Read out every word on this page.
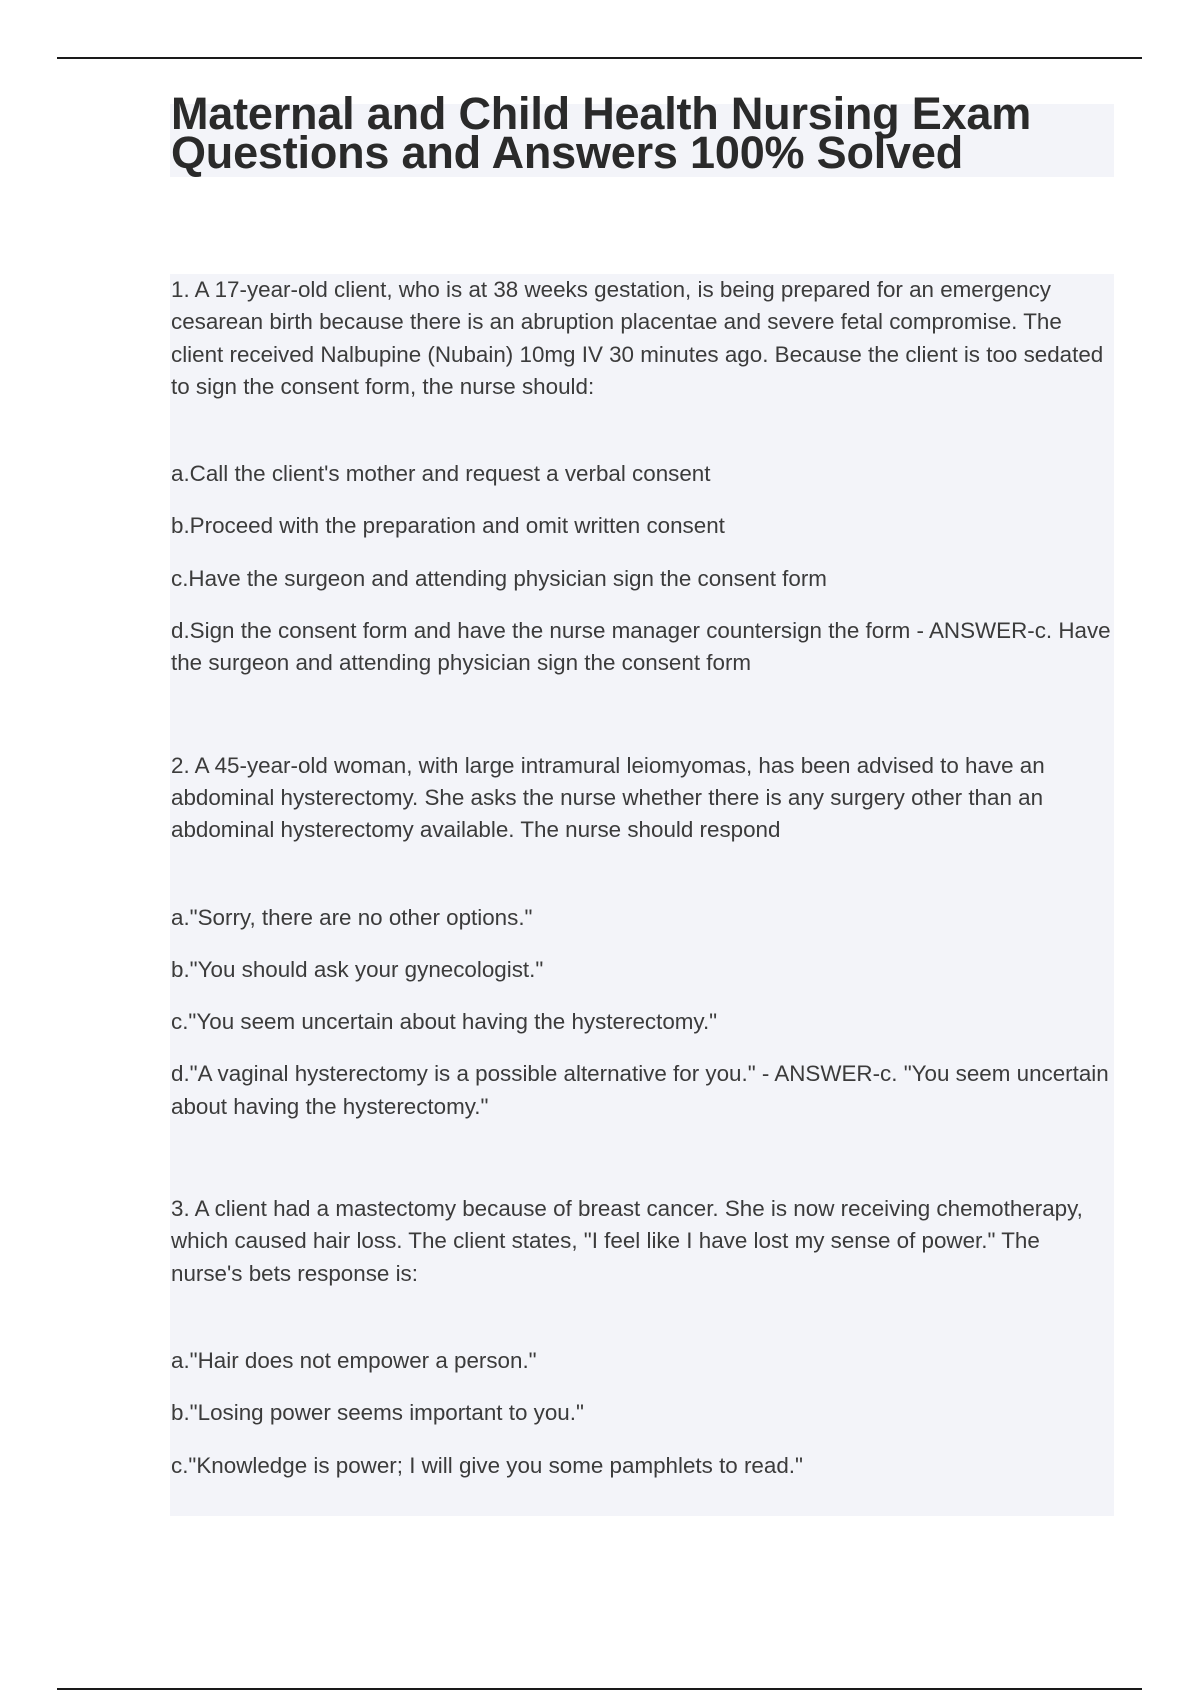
Maternal and Child Health Nursing Exam Questions and Answers 100% Solved

1. A 17-year-old client, who is at 38 weeks gestation, is being prepared for an emergency cesarean birth because there is an abruption placentae and severe fetal compromise. The client received Nalbupine (Nubain) 10mg IV 30 minutes ago. Because the client is too sedated to sign the consent form, the nurse should:

a.Call the client's mother and request a verbal consent
b.Proceed with the preparation and omit written consent
c.Have the surgeon and attending physician sign the consent form
d.Sign the consent form and have the nurse manager countersign the form - ANSWER-c. Have the surgeon and attending physician sign the consent form

2. A 45-year-old woman, with large intramural leiomyomas, has been advised to have an abdominal hysterectomy. She asks the nurse whether there is any surgery other than an abdominal hysterectomy available. The nurse should respond

a."Sorry, there are no other options."
b."You should ask your gynecologist."
c."You seem uncertain about having the hysterectomy."
d."A vaginal hysterectomy is a possible alternative for you." - ANSWER-c. "You seem uncertain about having the hysterectomy."

3. A client had a mastectomy because of breast cancer. She is now receiving chemotherapy, which caused hair loss. The client states, "I feel like I have lost my sense of power." The nurse's bets response is:

a."Hair does not empower a person."
b."Losing power seems important to you."
c."Knowledge is power; I will give you some pamphlets to read."
